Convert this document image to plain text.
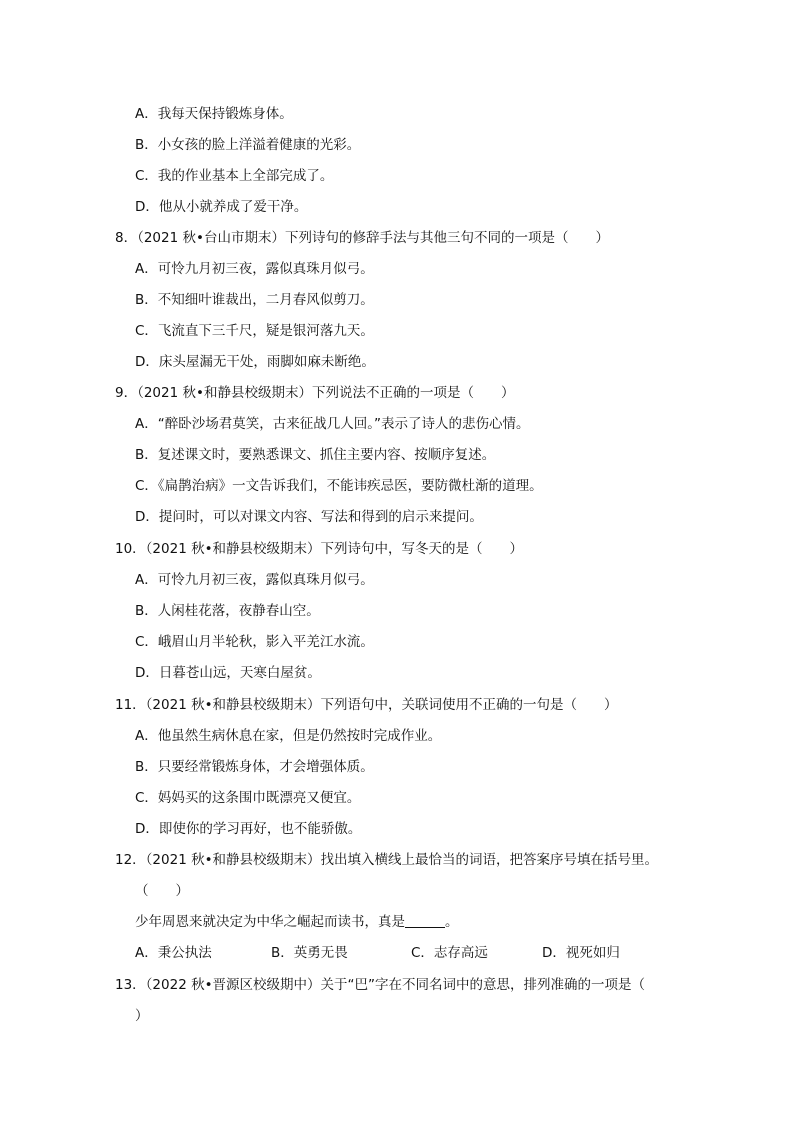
A．我每天保持锻炼身体。
B．小女孩的脸上洋溢着健康的光彩。
C．我的作业基本上全部完成了。
D．他从小就养成了爱干净。
8．（2021 秋•台山市期末）下列诗句的修辞手法与其他三句不同的一项是（　　）
A．可怜九月初三夜，露似真珠月似弓。
B．不知细叶谁裁出，二月春风似剪刀。
C．飞流直下三千尺，疑是银河落九天。
D．床头屋漏无干处，雨脚如麻未断绝。
9．（2021 秋•和静县校级期末）下列说法不正确的一项是（　　）
A．“醉卧沙场君莫笑，古来征战几人回。”表示了诗人的悲伤心情。
B．复述课文时，要熟悉课文、抓住主要内容、按顺序复述。
C．《扁鹊治病》一文告诉我们，不能讳疾忌医，要防微杜渐的道理。
D．提问时，可以对课文内容、写法和得到的启示来提问。
10．（2021 秋•和静县校级期末）下列诗句中，写冬天的是（　　）
A．可怜九月初三夜，露似真珠月似弓。
B．人闲桂花落，夜静春山空。
C．峨眉山月半轮秋，影入平羌江水流。
D．日暮苍山远，天寒白屋贫。
11．（2021 秋•和静县校级期末）下列语句中，关联词使用不正确的一句是（　　）
A．他虽然生病休息在家，但是仍然按时完成作业。
B．只要经常锻炼身体，才会增强体质。
C．妈妈买的这条围巾既漂亮又便宜。
D．即使你的学习再好，也不能骄傲。
12．（2021 秋•和静县校级期末）找出填入横线上最恰当的词语，把答案序号填在括号里。
（　　）
少年周恩来就决定为中华之崛起而读书，真是	。
A．秉公执法	B．英勇无畏	C．志存高远	D．视死如归
13．（2022 秋•晋源区校级期中）关于“巴”字在不同名词中的意思，排列准确的一项是（
）
